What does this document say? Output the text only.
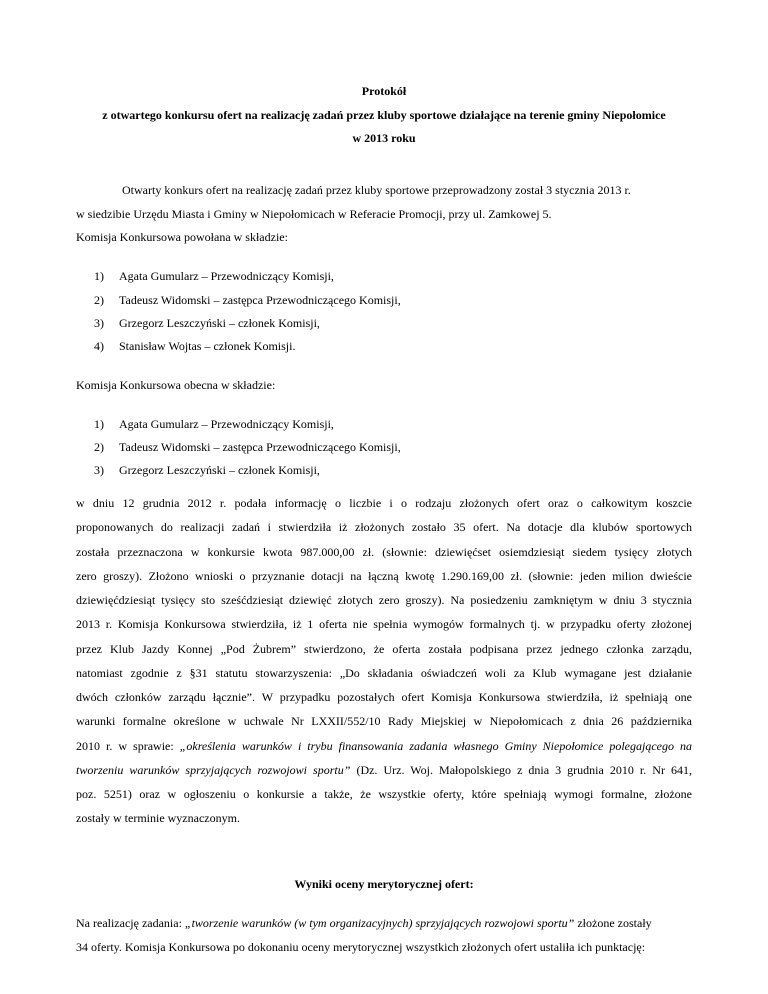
Protokół
z otwartego konkursu ofert na realizację zadań przez kluby sportowe działające na terenie gminy Niepołomice
w 2013 roku
Otwarty konkurs ofert na realizację zadań przez kluby sportowe przeprowadzony został 3 stycznia 2013 r.
w siedzibie Urzędu Miasta i Gminy w Niepołomicach w Referacie Promocji, przy ul. Zamkowej 5.
Komisja Konkursowa powołana w składzie:
1) Agata Gumularz – Przewodniczący Komisji,
2) Tadeusz Widomski – zastępca Przewodniczącego Komisji,
3) Grzegorz Leszczyński – członek Komisji,
4) Stanisław Wojtas – członek Komisji.
Komisja Konkursowa obecna w składzie:
1) Agata Gumularz – Przewodniczący Komisji,
2) Tadeusz Widomski – zastępca Przewodniczącego Komisji,
3) Grzegorz Leszczyński – członek Komisji,
w dniu 12 grudnia 2012 r. podała informację o liczbie i o rodzaju złożonych ofert oraz o całkowitym koszcie
proponowanych do realizacji zadań i stwierdziła iż złożonych zostało 35 ofert. Na dotacje dla klubów sportowych
została przeznaczona w konkursie kwota 987.000,00 zł. (słownie: dziewięćset osiemdziesiąt siedem tysięcy złotych
zero groszy). Złożono wnioski o przyznanie dotacji na łączną kwotę 1.290.169,00 zł. (słownie: jeden milion dwieście
dziewięćdziesiąt tysięcy sto sześćdziesiąt dziewięć złotych zero groszy). Na posiedzeniu zamkniętym w dniu 3 stycznia
2013 r. Komisja Konkursowa stwierdziła, iż 1 oferta nie spełnia wymogów formalnych tj. w przypadku oferty złożonej
przez Klub Jazdy Konnej „Pod Żubrem” stwierdzono, że oferta została podpisana przez jednego członka zarządu,
natomiast zgodnie z §31 statutu stowarzyszenia: „Do składania oświadczeń woli za Klub wymagane jest działanie
dwóch członków zarządu łącznie”. W przypadku pozostałych ofert Komisja Konkursowa stwierdziła, iż spełniają one
warunki formalne określone w uchwale Nr LXXII/552/10 Rady Miejskiej w Niepołomicach z dnia 26 października
2010 r. w sprawie: „określenia warunków i trybu finansowania zadania własnego Gminy Niepołomice polegającego na
tworzeniu warunków sprzyjających rozwojowi sportu” (Dz. Urz. Woj. Małopolskiego z dnia 3 grudnia 2010 r. Nr 641,
poz. 5251) oraz w ogłoszeniu o konkursie a także, że wszystkie oferty, które spełniają wymogi formalne, złożone
zostały w terminie wyznaczonym.
Wyniki oceny merytorycznej ofert:
Na realizację zadania: „tworzenie warunków (w tym organizacyjnych) sprzyjających rozwojowi sportu” złożone zostały
34 oferty. Komisja Konkursowa po dokonaniu oceny merytorycznej wszystkich złożonych ofert ustaliła ich punktację:
